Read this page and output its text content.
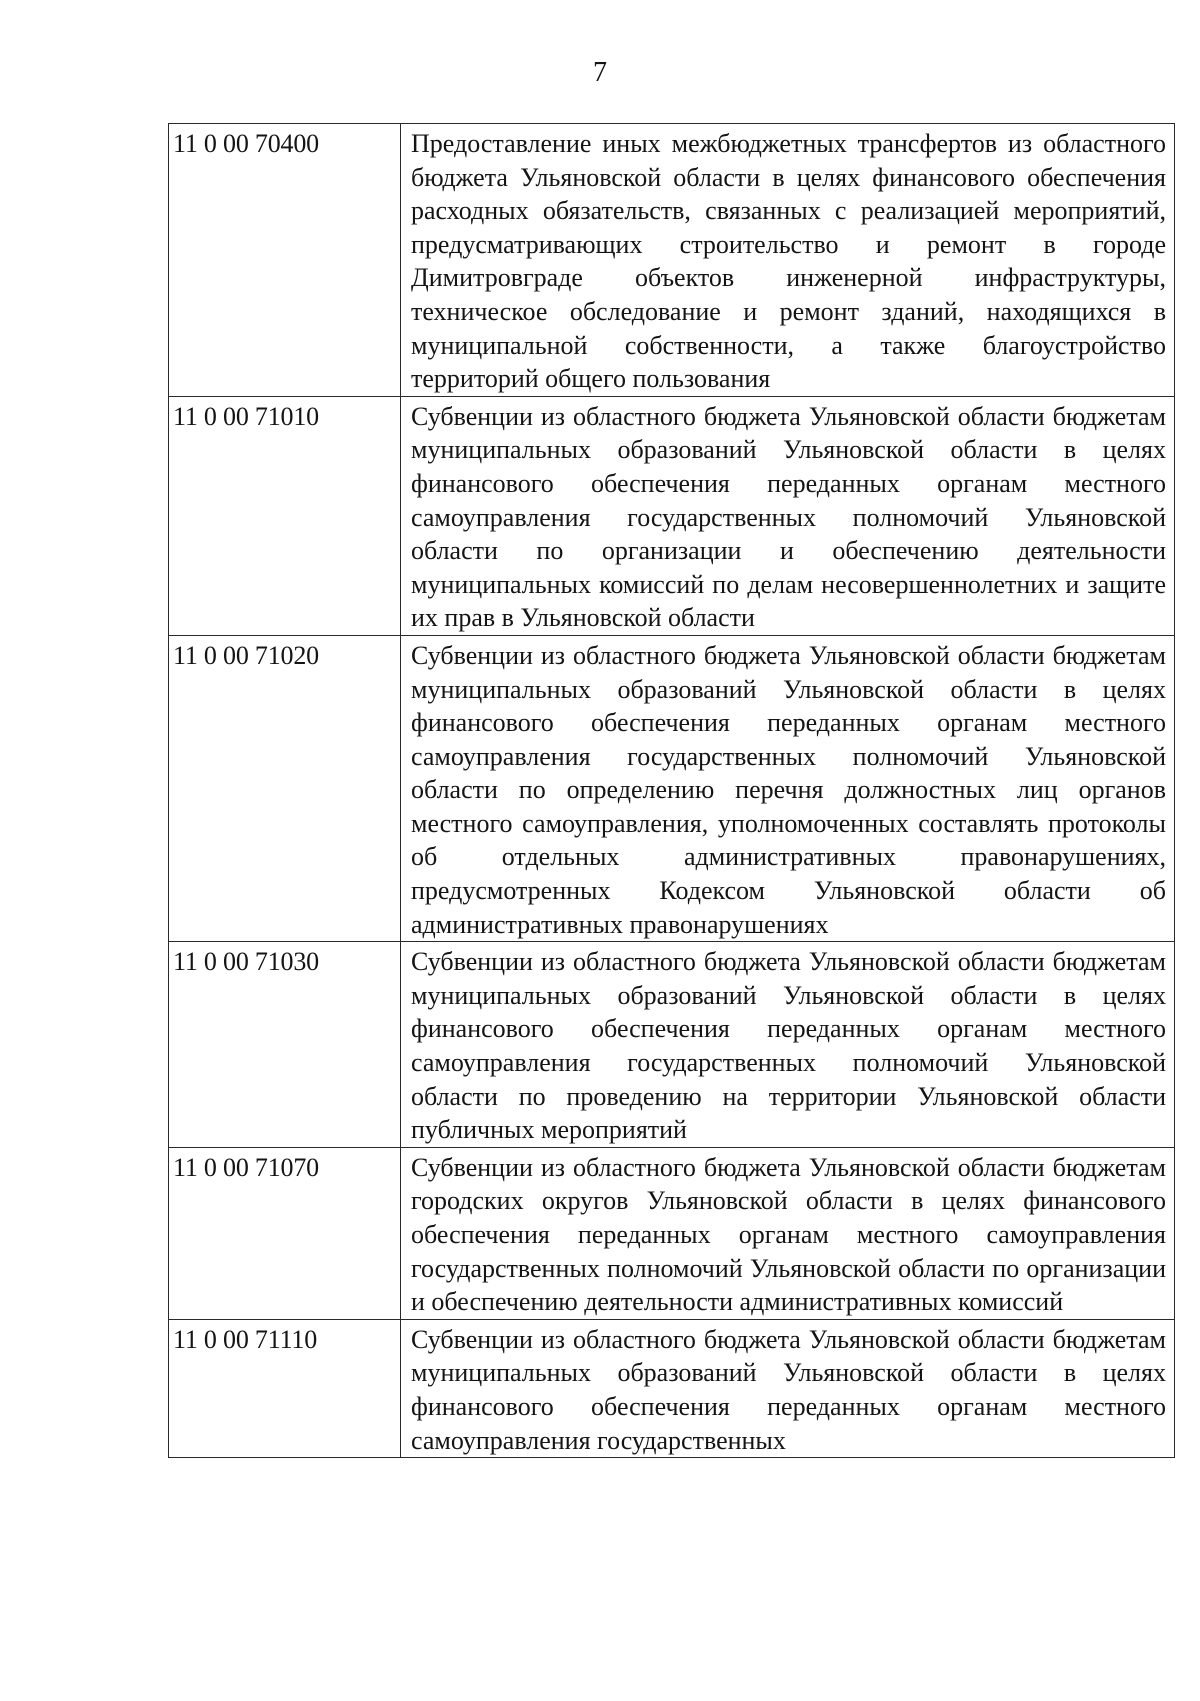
7
11 0 00 70400	Предоставление иных межбюджетных трансфертов из областного бюджета Ульяновской области в целях финансового обеспечения расходных обязательств, связанных с реализацией мероприятий, предусматривающих строительство и ремонт в городе Димитровграде объектов инженерной инфраструктуры, техническое обследование и ремонт зданий, находящихся в муниципальной собственности, а также благоустройство территорий общего пользования
11 0 00 71010	Субвенции из областного бюджета Ульяновской области бюджетам муниципальных образований Ульяновской области в целях финансового обеспечения переданных органам местного самоуправления государственных полномочий Ульяновской области по организации и обеспечению деятельности муниципальных комиссий по делам несовершеннолетних и защите их прав в Ульяновской области
11 0 00 71020	Субвенции из областного бюджета Ульяновской области бюджетам муниципальных образований Ульяновской области в целях финансового обеспечения переданных органам местного самоуправления государственных полномочий Ульяновской области по определению перечня должностных лиц органов местного самоуправления, уполномоченных составлять протоколы об отдельных административных правонарушениях, предусмотренных Кодексом Ульяновской области об административных правонарушениях
11 0 00 71030	Субвенции из областного бюджета Ульяновской области бюджетам муниципальных образований Ульяновской области в целях финансового обеспечения переданных органам местного самоуправления государственных полномочий Ульяновской области по проведению на территории Ульяновской области публичных мероприятий
11 0 00 71070	Субвенции из областного бюджета Ульяновской области бюджетам городских округов Ульяновской области в целях финансового обеспечения переданных органам местного самоуправления государственных полномочий Ульяновской области по организации и обеспечению деятельности административных комиссий
11 0 00 71110	Субвенции из областного бюджета Ульяновской области бюджетам муниципальных образований Ульяновской области в целях финансового обеспечения переданных органам местного самоуправления государственных
